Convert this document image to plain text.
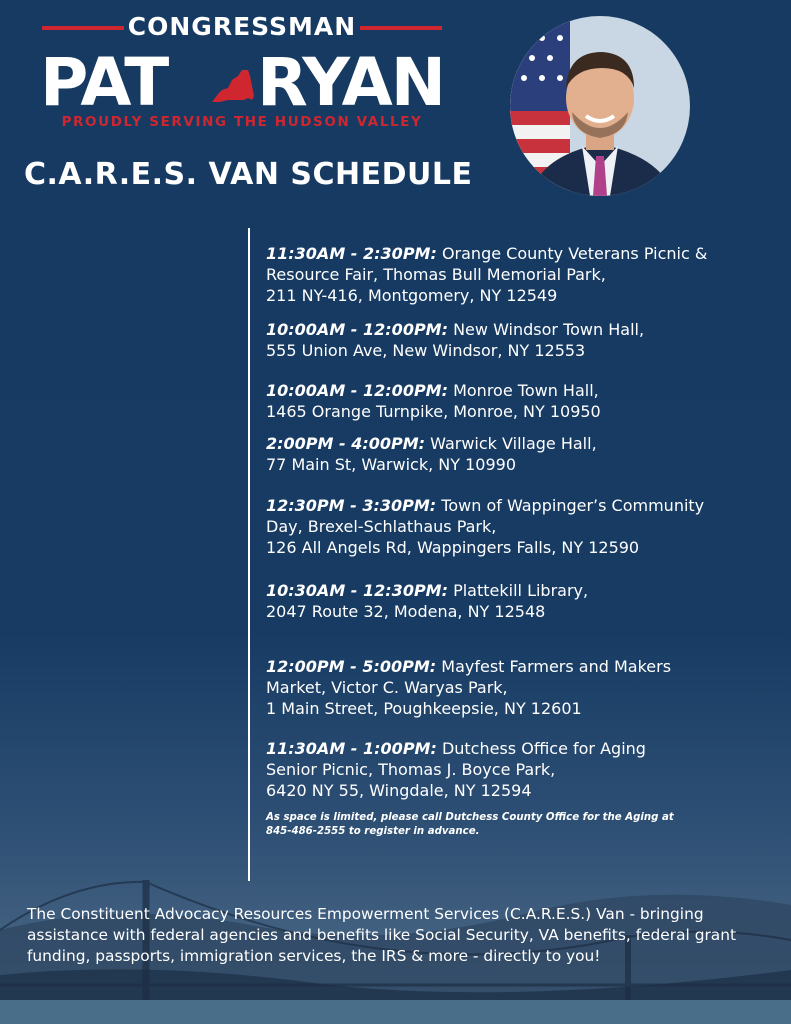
CONGRESSMAN
PAT RYAN
PROUDLY SERVING THE HUDSON VALLEY
C.A.R.E.S. VAN SCHEDULE
11:30AM - 2:30PM: Orange County Veterans Picnic &
Resource Fair, Thomas Bull Memorial Park,
211 NY-416, Montgomery, NY 12549
10:00AM - 12:00PM: New Windsor Town Hall,
555 Union Ave, New Windsor, NY 12553
10:00AM - 12:00PM: Monroe Town Hall,
1465 Orange Turnpike, Monroe, NY 10950
2:00PM - 4:00PM: Warwick Village Hall,
77 Main St, Warwick, NY 10990
12:30PM - 3:30PM: Town of Wappinger’s Community
Day, Brexel-Schlathaus Park,
126 All Angels Rd, Wappingers Falls, NY 12590
10:30AM - 12:30PM: Plattekill Library,
2047 Route 32, Modena, NY 12548
12:00PM - 5:00PM: Mayfest Farmers and Makers
Market, Victor C. Waryas Park,
1 Main Street, Poughkeepsie, NY 12601
11:30AM - 1:00PM: Dutchess Office for Aging
Senior Picnic, Thomas J. Boyce Park,
6420 NY 55, Wingdale, NY 12594
As space is limited, please call Dutchess County Office for the Aging at
845-486-2555 to register in advance.
The Constituent Advocacy Resources Empowerment Services (C.A.R.E.S.) Van - bringing
assistance with federal agencies and benefits like Social Security, VA benefits, federal grant
funding, passports, immigration services, the IRS & more - directly to you!
